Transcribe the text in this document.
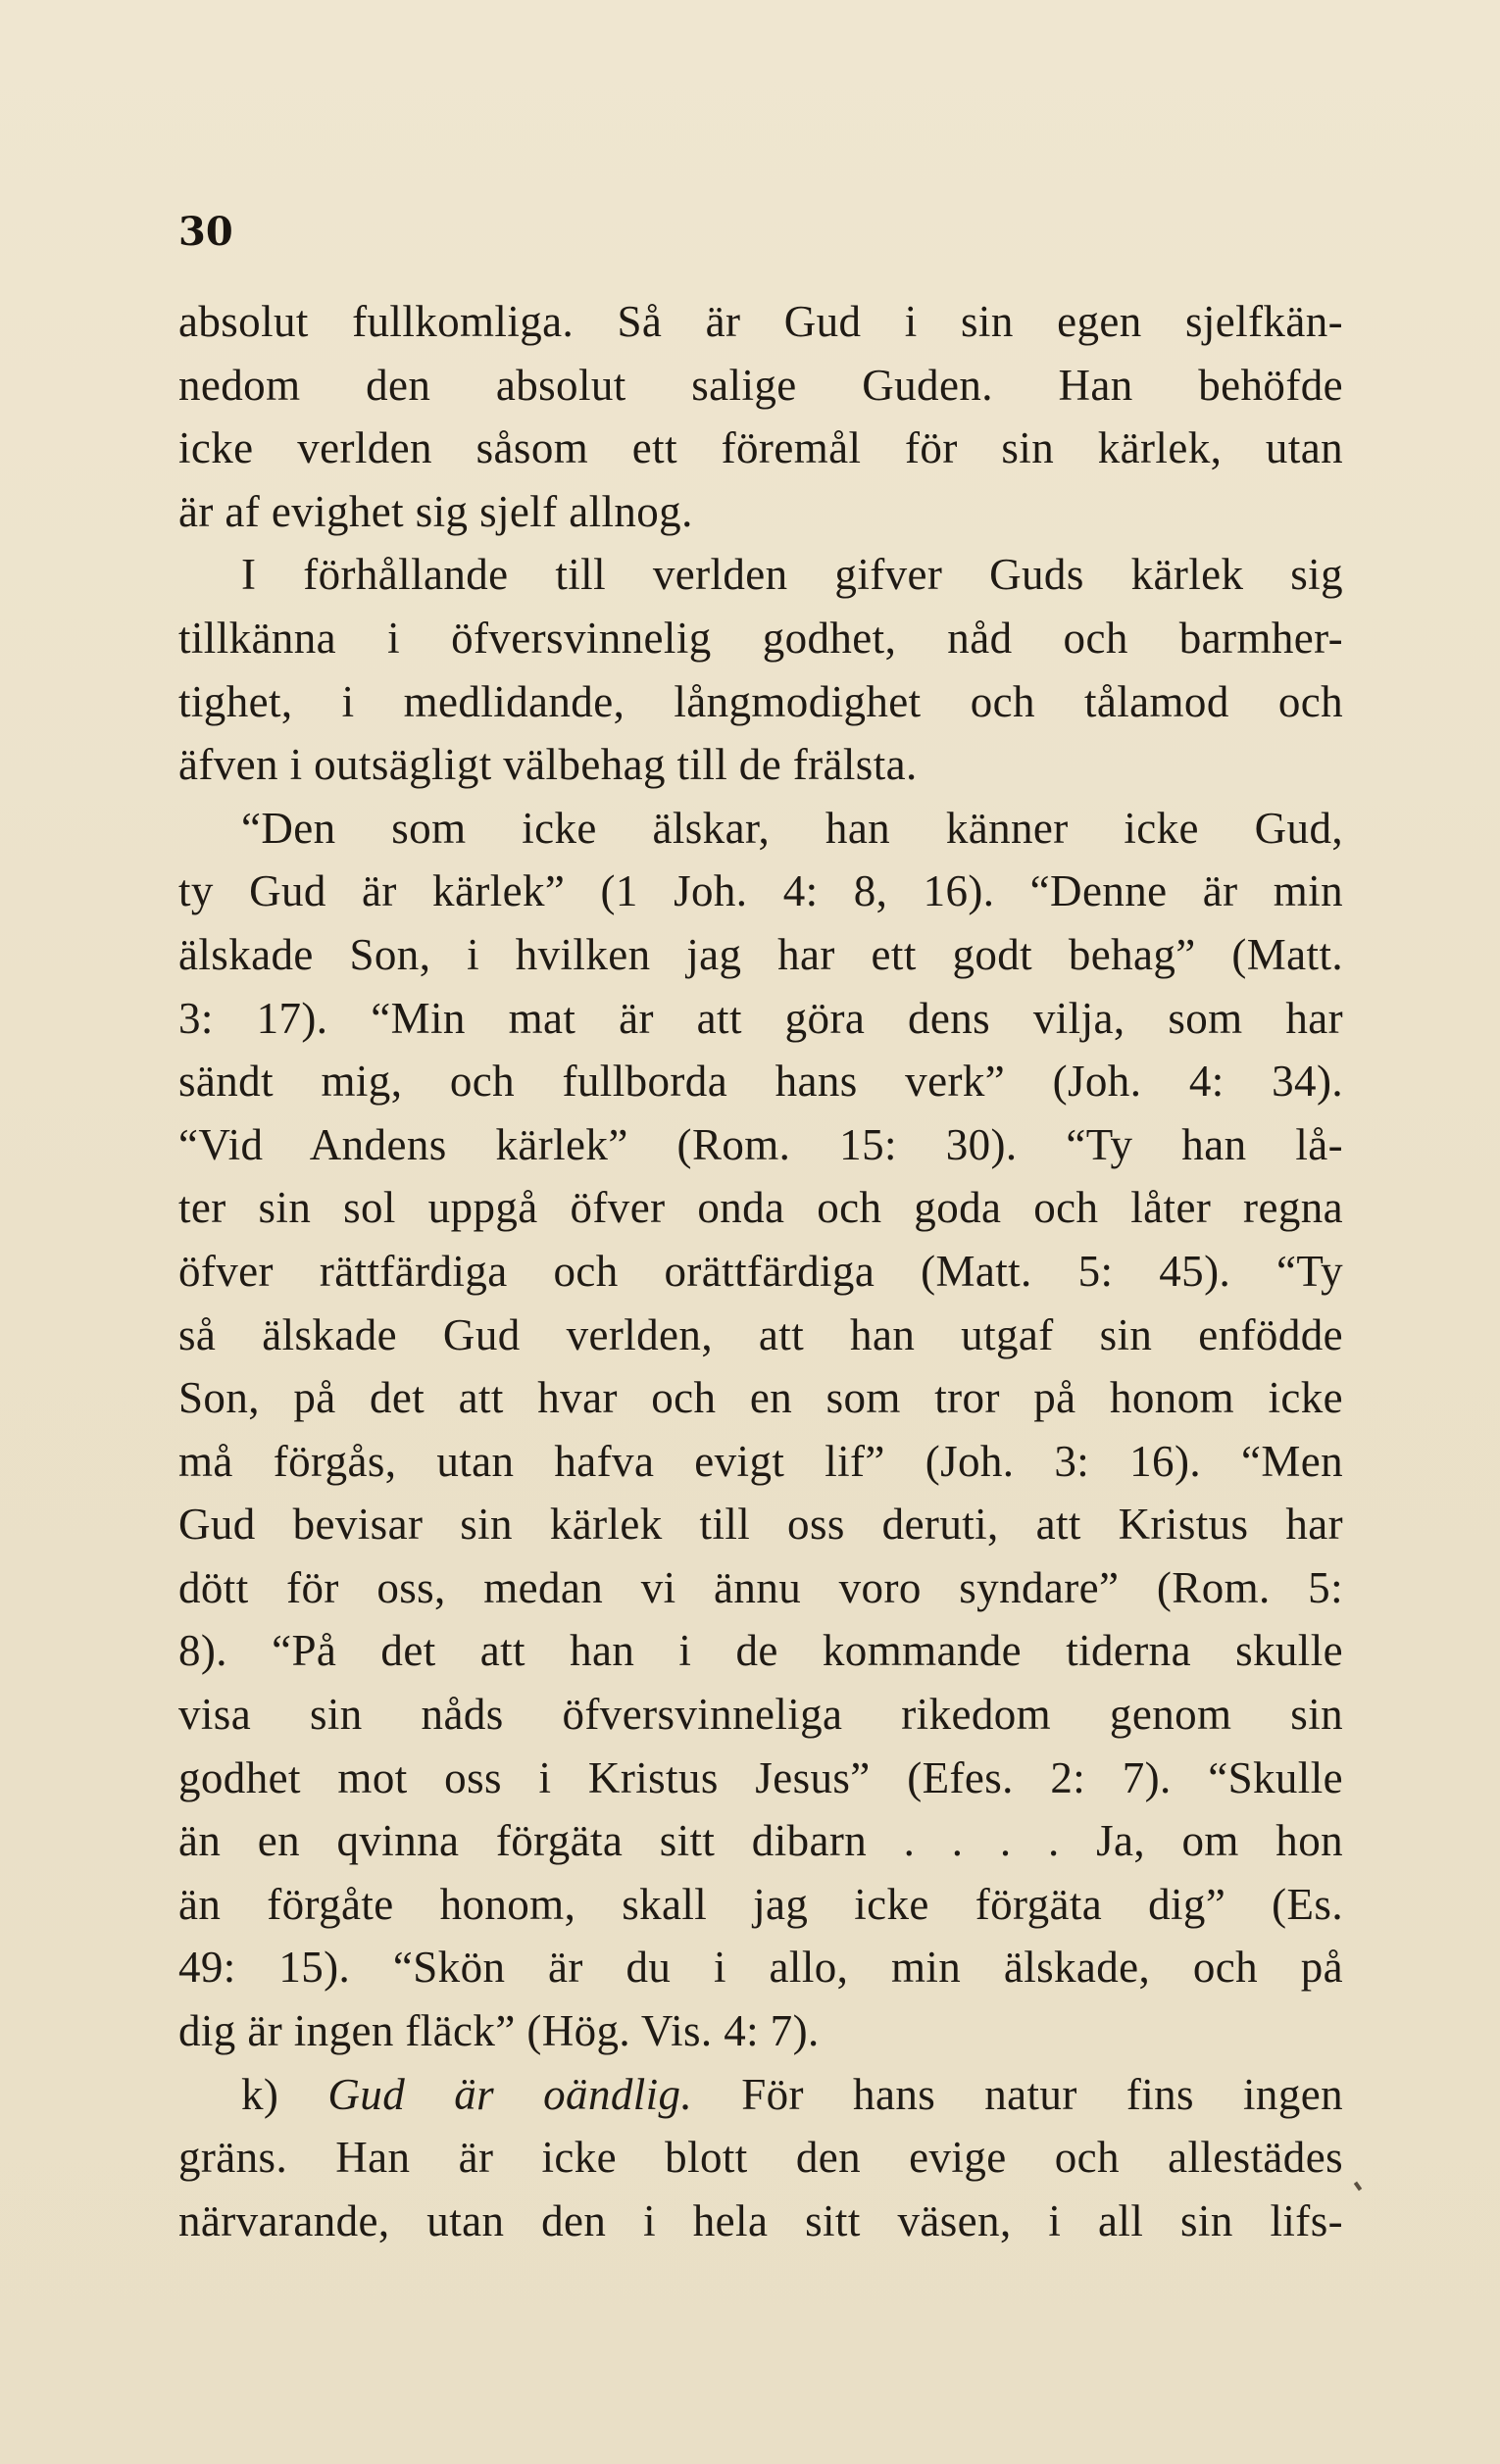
30
absolut fullkomliga. Så är Gud i sin egen sjelfkän-
nedom den absolut salige Guden. Han behöfde
icke verlden såsom ett föremål för sin kärlek, utan
är af evighet sig sjelf allnog.
I förhållande till verlden gifver Guds kärlek sig
tillkänna i öfversvinnelig godhet, nåd och barmher-
tighet, i medlidande, långmodighet och tålamod och
äfven i outsägligt välbehag till de frälsta.
“Den som icke älskar, han känner icke Gud,
ty Gud är kärlek” (1 Joh. 4: 8, 16). “Denne är min
älskade Son, i hvilken jag har ett godt behag” (Matt.
3: 17). “Min mat är att göra dens vilja, som har
sändt mig, och fullborda hans verk” (Joh. 4: 34).
“Vid Andens kärlek” (Rom. 15: 30). “Ty han lå-
ter sin sol uppgå öfver onda och goda och låter regna
öfver rättfärdiga och orättfärdiga (Matt. 5: 45). “Ty
så älskade Gud verlden, att han utgaf sin enfödde
Son, på det att hvar och en som tror på honom icke
må förgås, utan hafva evigt lif” (Joh. 3: 16). “Men
Gud bevisar sin kärlek till oss deruti, att Kristus har
dött för oss, medan vi ännu voro syndare” (Rom. 5:
8). “På det att han i de kommande tiderna skulle
visa sin nåds öfversvinneliga rikedom genom sin
godhet mot oss i Kristus Jesus” (Efes. 2: 7). “Skulle
än en qvinna förgäta sitt dibarn . . . . Ja, om hon
än förgåte honom, skall jag icke förgäta dig” (Es.
49: 15). “Skön är du i allo, min älskade, och på
dig är ingen fläck” (Hög. Vis. 4: 7).
k) Gud är oändlig. För hans natur fins ingen
gräns. Han är icke blott den evige och allestädes
närvarande, utan den i hela sitt väsen, i all sin lifs-
